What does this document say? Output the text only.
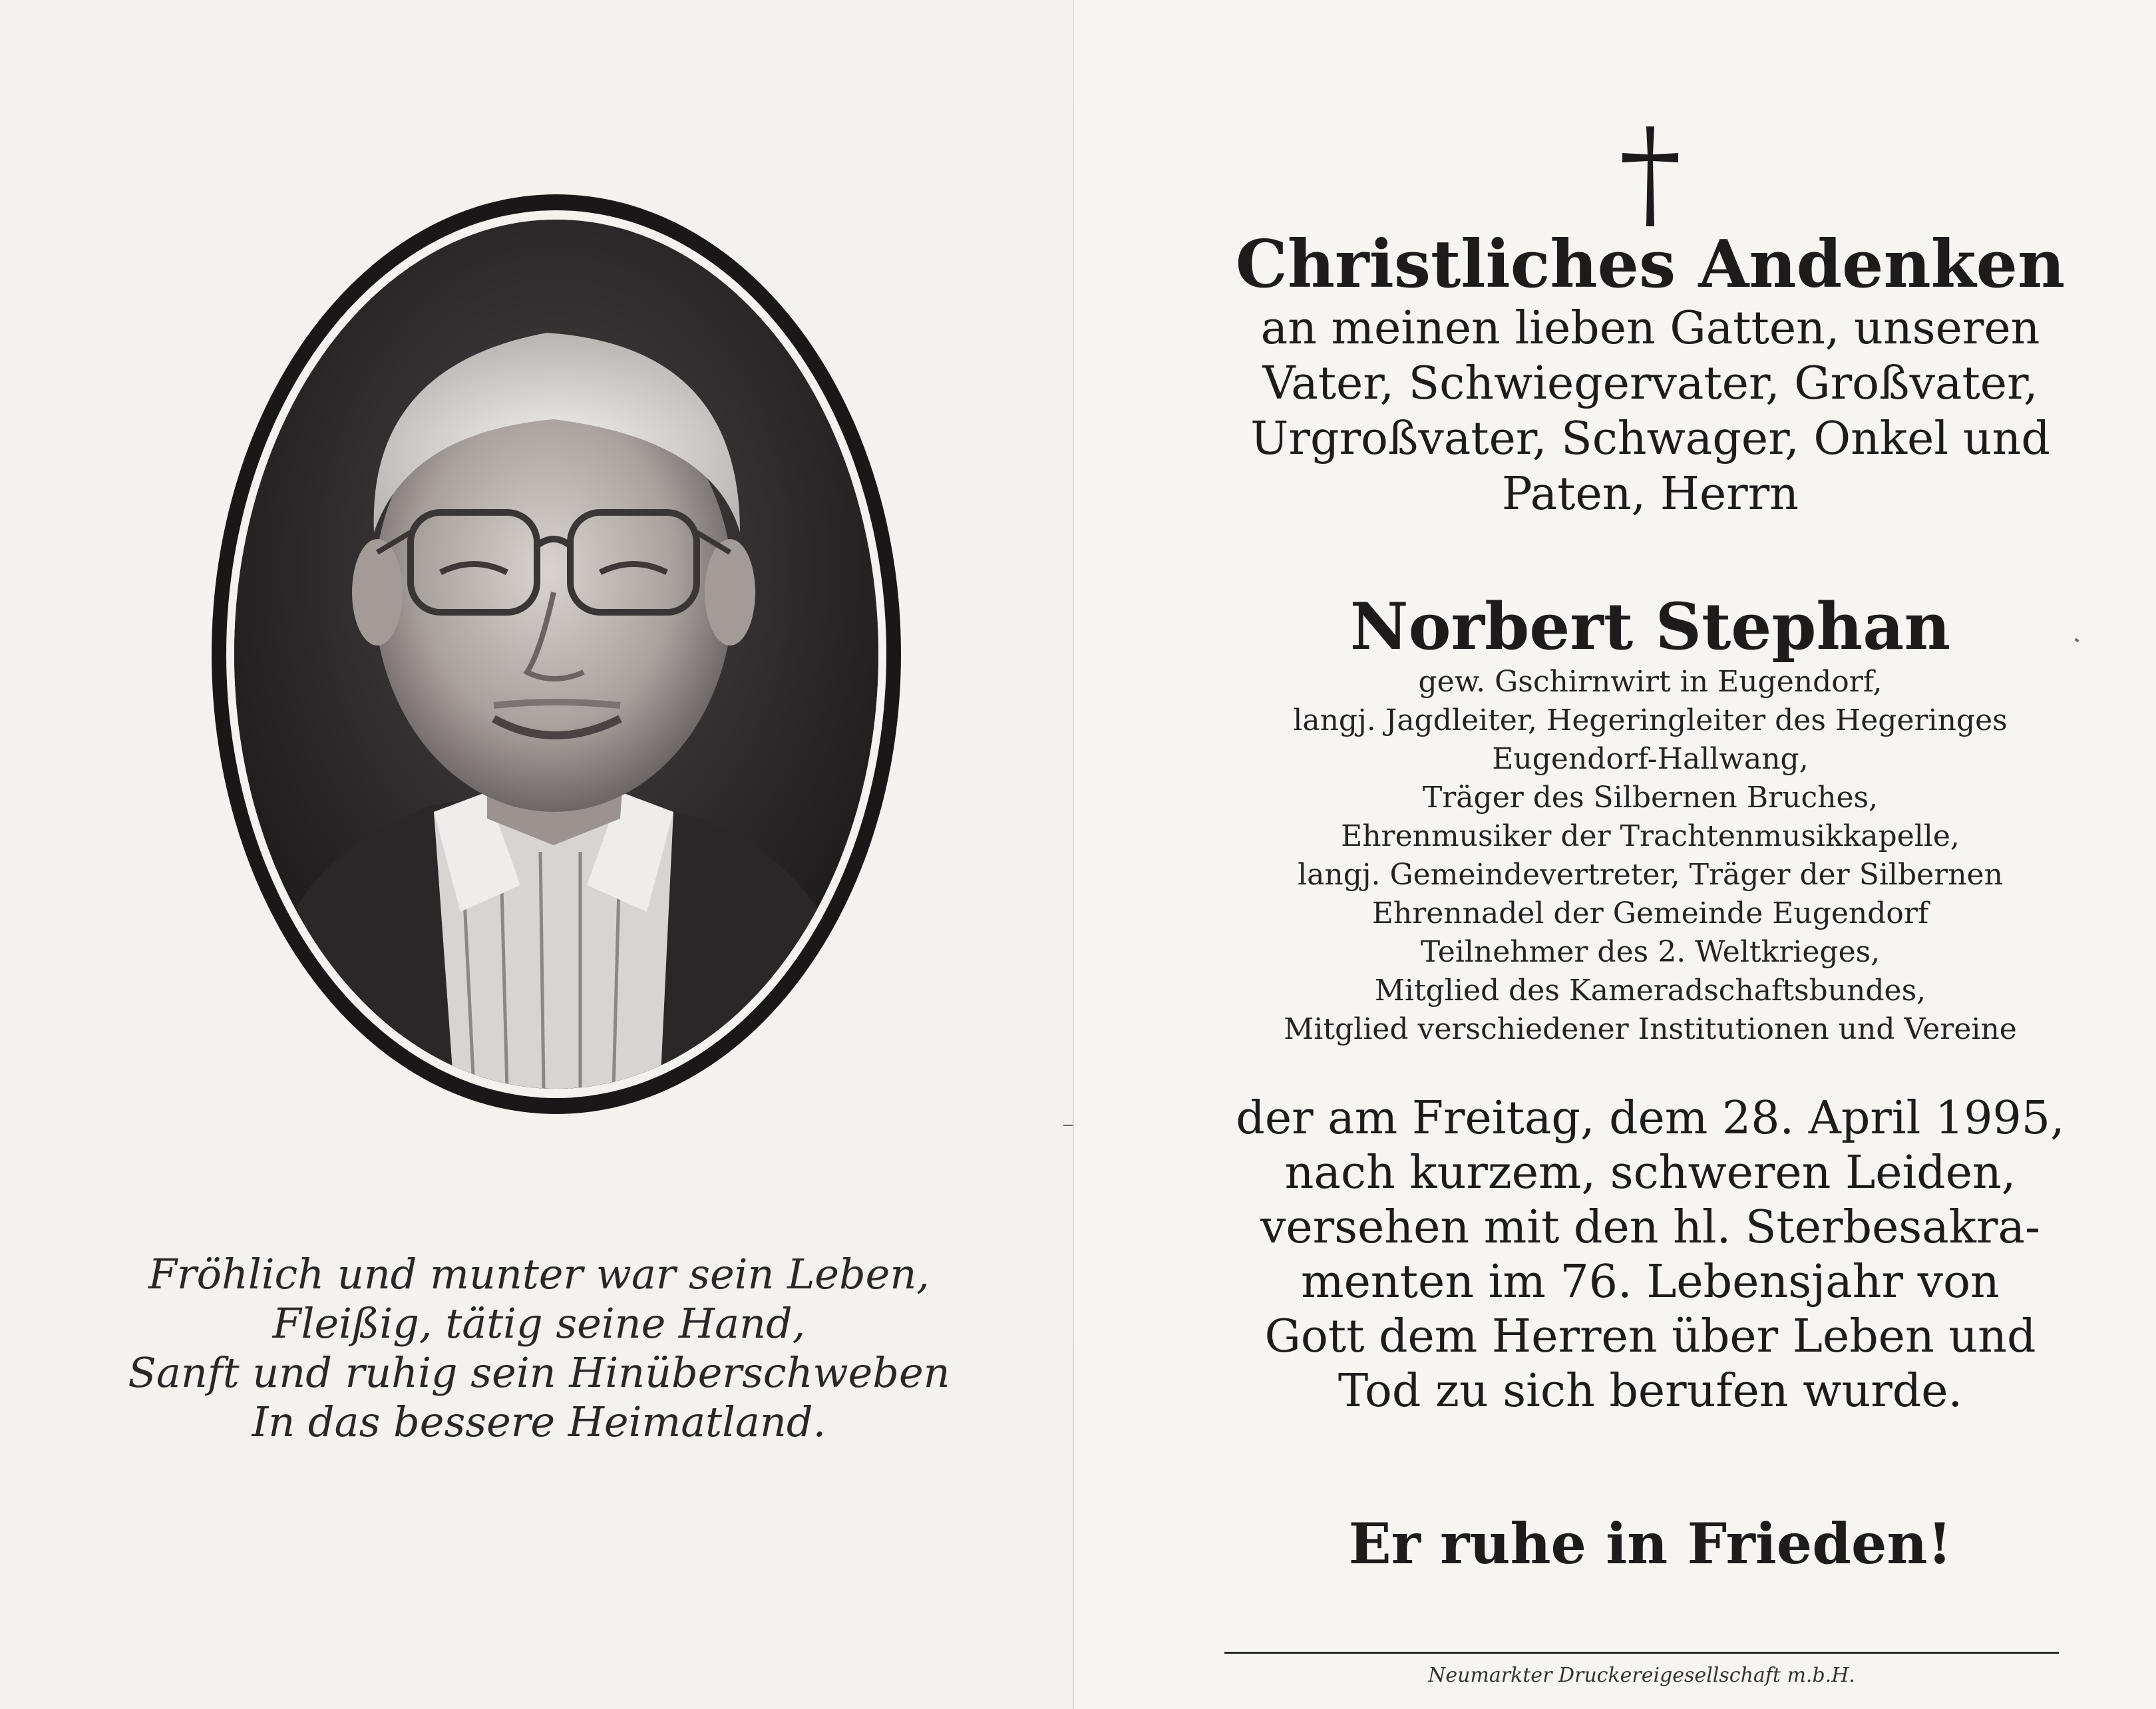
Fröhlich und munter war sein Leben,
Fleißig, tätig seine Hand,
Sanft und ruhig sein Hinüberschweben
In das bessere Heimatland.
Christliches Andenken
an meinen lieben Gatten, unseren
Vater, Schwiegervater, Großvater,
Urgroßvater, Schwager, Onkel und
Paten, Herrn
Norbert Stephan
gew. Gschirnwirt in Eugendorf,
langj. Jagdleiter, Hegeringleiter des Hegeringes
Eugendorf-Hallwang,
Träger des Silbernen Bruches,
Ehrenmusiker der Trachtenmusikkapelle,
langj. Gemeindevertreter, Träger der Silbernen
Ehrennadel der Gemeinde Eugendorf
Teilnehmer des 2. Weltkrieges,
Mitglied des Kameradschaftsbundes,
Mitglied verschiedener Institutionen und Vereine
der am Freitag, dem 28. April 1995,
nach kurzem, schweren Leiden,
versehen mit den hl. Sterbesakra-
menten im 76. Lebensjahr von
Gott dem Herren über Leben und
Tod zu sich berufen wurde.
Er ruhe in Frieden!
Neumarkter Druckereigesellschaft m.b.H.
